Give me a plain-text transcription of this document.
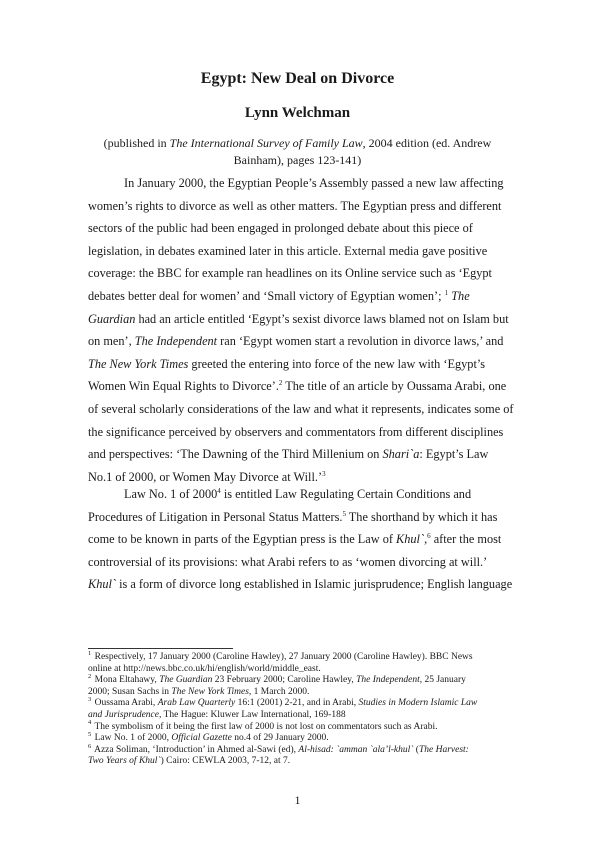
Egypt: New Deal on Divorce
Lynn Welchman
(published in The International Survey of Family Law, 2004 edition (ed. Andrew
Bainham), pages 123-141)
In January 2000, the Egyptian People’s Assembly passed a new law affecting
women’s rights to divorce as well as other matters. The Egyptian press and different
sectors of the public had been engaged in prolonged debate about this piece of
legislation, in debates examined later in this article. External media gave positive
coverage: the BBC for example ran headlines on its Online service such as ‘Egypt
debates better deal for women’ and ‘Small victory of Egyptian women’; $^1$ The
Guardian had an article entitled ‘Egypt’s sexist divorce laws blamed not on Islam but
on men’, The Independent ran ‘Egypt women start a revolution in divorce laws,’ and
The New York Times greeted the entering into force of the new law with ‘Egypt’s
Women Win Equal Rights to Divorce’.$^2$ The title of an article by Oussama Arabi, one
of several scholarly considerations of the law and what it represents, indicates some of
the significance perceived by observers and commentators from different disciplines
and perspectives: ‘The Dawning of the Third Millenium on Shari`a: Egypt’s Law
No.1 of 2000, or Women May Divorce at Will.’$^3$
Law No. 1 of 2000$^4$ is entitled Law Regulating Certain Conditions and
Procedures of Litigation in Personal Status Matters.$^5$ The shorthand by which it has
come to be known in parts of the Egyptian press is the Law of Khul`,$^6$ after the most
controversial of its provisions: what Arabi refers to as ‘women divorcing at will.’
Khul` is a form of divorce long established in Islamic jurisprudence; English language
$^1$ Respectively, 17 January 2000 (Caroline Hawley), 27 January 2000 (Caroline Hawley). BBC News
online at http://news.bbc.co.uk/hi/english/world/middle_east.
$^2$ Mona Eltahawy, The Guardian 23 February 2000; Caroline Hawley, The Independent, 25 January
2000; Susan Sachs in The New York Times, 1 March 2000.
$^3$ Oussama Arabi, Arab Law Quarterly 16:1 (2001) 2-21, and in Arabi, Studies in Modern Islamic Law
and Jurisprudence, The Hague: Kluwer Law International, 169-188
$^4$ The symbolism of it being the first law of 2000 is not lost on commentators such as Arabi.
$^5$ Law No. 1 of 2000, Official Gazette no.4 of 29 January 2000.
$^6$ Azza Soliman, ‘Introduction’ in Ahmed al-Sawi (ed), Al-hisad: `amman `ala’l-khul` (The Harvest:
Two Years of Khul`) Cairo: CEWLA 2003, 7-12, at 7.
1
